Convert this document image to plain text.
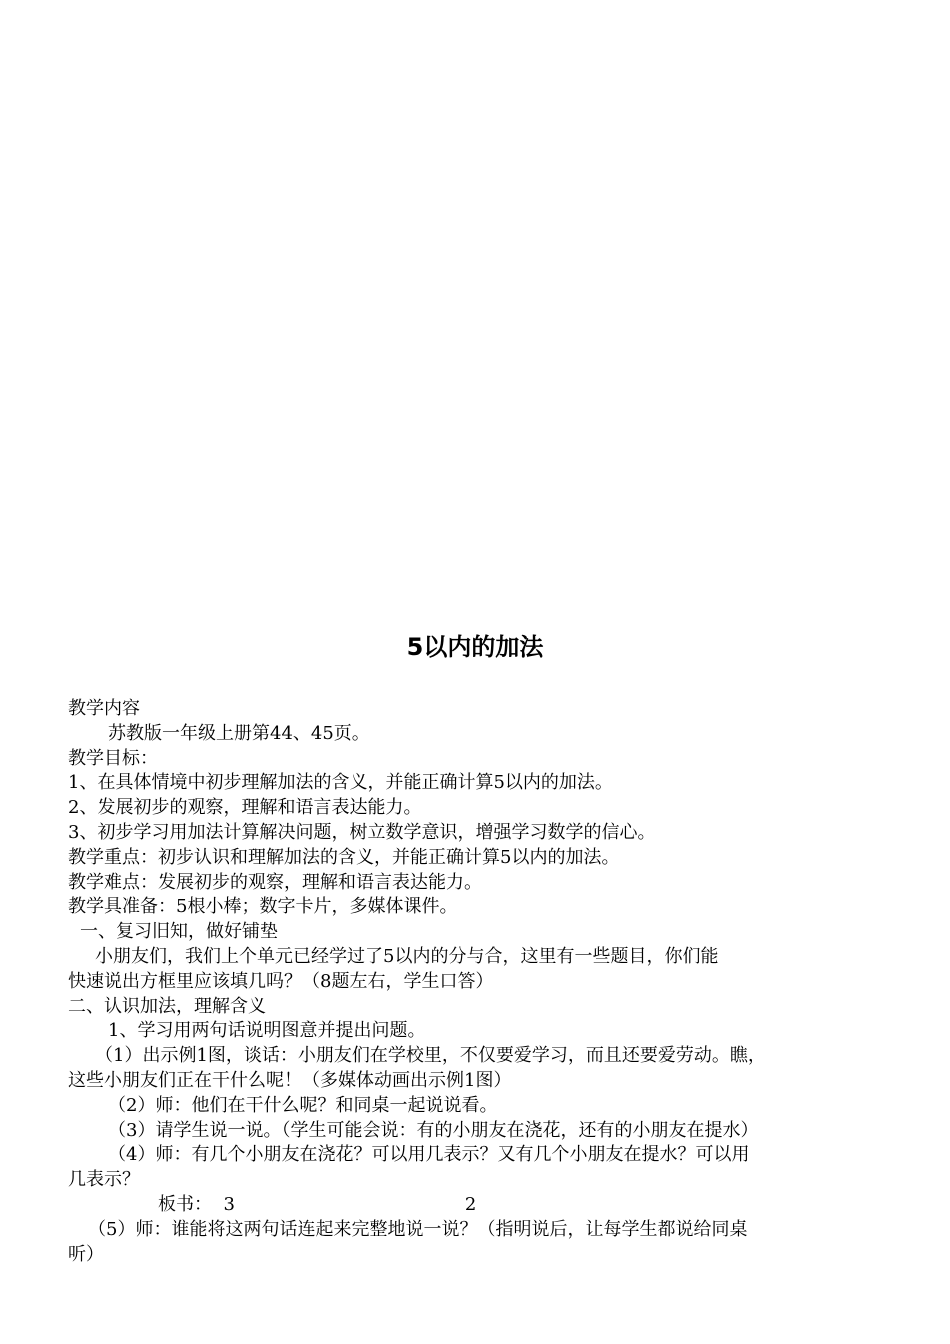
5以内的加法
教学内容
苏教版一年级上册第44、45页。
教学目标：
1、在具体情境中初步理解加法的含义，并能正确计算5以内的加法。
2、发展初步的观察，理解和语言表达能力。
3、初步学习用加法计算解决问题，树立数学意识，增强学习数学的信心。
教学重点：初步认识和理解加法的含义，并能正确计算5以内的加法。
教学难点：发展初步的观察，理解和语言表达能力。
教学具准备：5根小棒；数字卡片，多媒体课件。
一、复习旧知，做好铺垫
小朋友们，我们上个单元已经学过了5以内的分与合，这里有一些题目，你们能
快速说出方框里应该填几吗？（8题左右，学生口答）
二、认识加法，理解含义
1、学习用两句话说明图意并提出问题。
（1）出示例1图，谈话：小朋友们在学校里，不仅要爱学习，而且还要爱劳动。瞧，
这些小朋友们正在干什么呢！（多媒体动画出示例1图）
（2）师：他们在干什么呢？和同桌一起说说看。
（3）请学生说一说。（学生可能会说：有的小朋友在浇花，还有的小朋友在提水）
（4）师：有几个小朋友在浇花？可以用几表示？又有几个小朋友在提水？可以用
几表示？
板书： 3	2
（5）师：谁能将这两句话连起来完整地说一说？（指明说后，让每学生都说给同桌
听）
